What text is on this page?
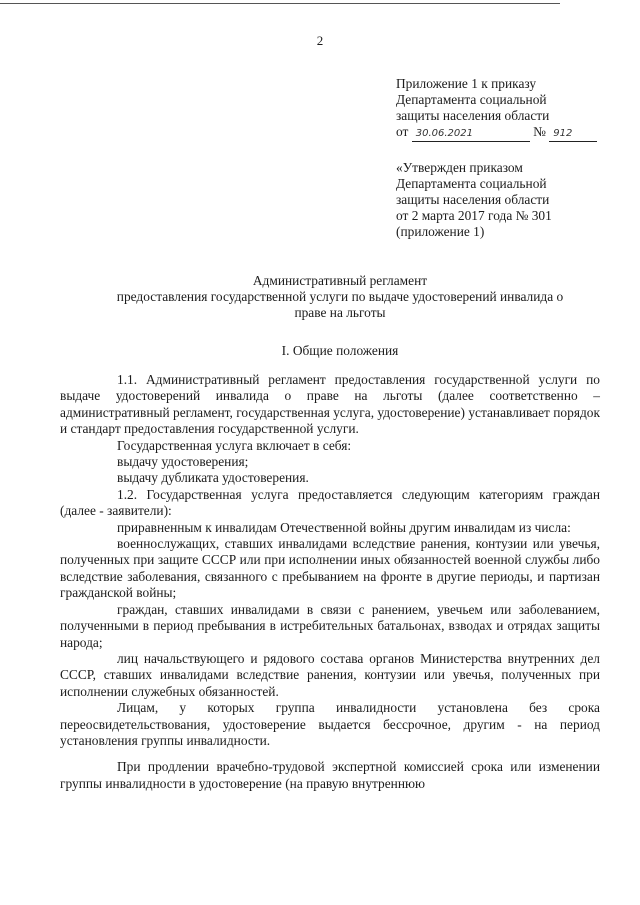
2
Приложение 1 к приказу
Департамента социальной
защиты населения области
от 30.06.2021	№ 912
«Утвержден приказом
Департамента социальной
защиты населения области
от 2 марта 2017 года № 301
(приложение 1)
Административный регламент
предоставления государственной услуги по выдаче удостоверений инвалида о
праве на льготы
I. Общие положения

1.1. Административный регламент предоставления государственной услуги по выдаче удостоверений инвалида о праве на льготы (далее соответственно – административный регламент, государственная услуга, удостоверение) устанавливает порядок и стандарт предоставления государственной услуги.

Государственная услуга включает в себя:

выдачу удостоверения;

выдачу дубликата удостоверения.

1.2. Государственная услуга предоставляется следующим категориям граждан (далее - заявители):

приравненным к инвалидам Отечественной войны другим инвалидам из числа:

военнослужащих, ставших инвалидами вследствие ранения, контузии или увечья, полученных при защите СССР или при исполнении иных обязанностей военной службы либо вследствие заболевания, связанного с пребыванием на фронте в другие периоды, и партизан гражданской войны;

граждан, ставших инвалидами в связи с ранением, увечьем или заболеванием, полученными в период пребывания в истребительных батальонах, взводах и отрядах защиты народа;

лиц начальствующего и рядового состава органов Министерства внутренних дел СССР, ставших инвалидами вследствие ранения, контузии или увечья, полученных при исполнении служебных обязанностей.

Лицам, у которых группа инвалидности установлена без срока переосвидетельствования, удостоверение выдается бессрочное, другим - на период установления группы инвалидности.

При продлении врачебно-трудовой экспертной комиссией срока или изменении группы инвалидности в удостоверение (на правую внутреннюю
